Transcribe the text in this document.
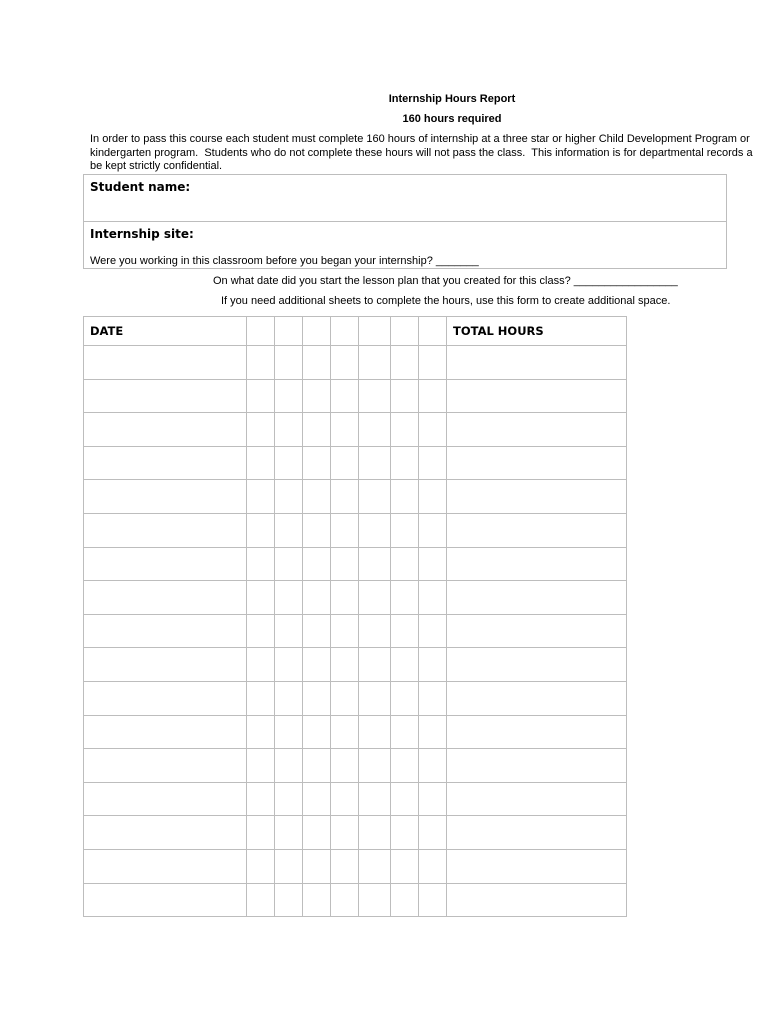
Internship Hours Report
160 hours required
In order to pass this course each student must complete 160 hours of internship at a three star or higher Child Development Program or
kindergarten program.  Students who do not complete these hours will not pass the class.  This information is for departmental records a
be kept strictly confidential.
Student name:
Internship site:
Were you working in this classroom before you began your internship? _______
On what date did you start the lesson plan that you created for this class? _________________
If you need additional sheets to complete the hours, use this form to create additional space.
DATE								TOTAL HOURS
